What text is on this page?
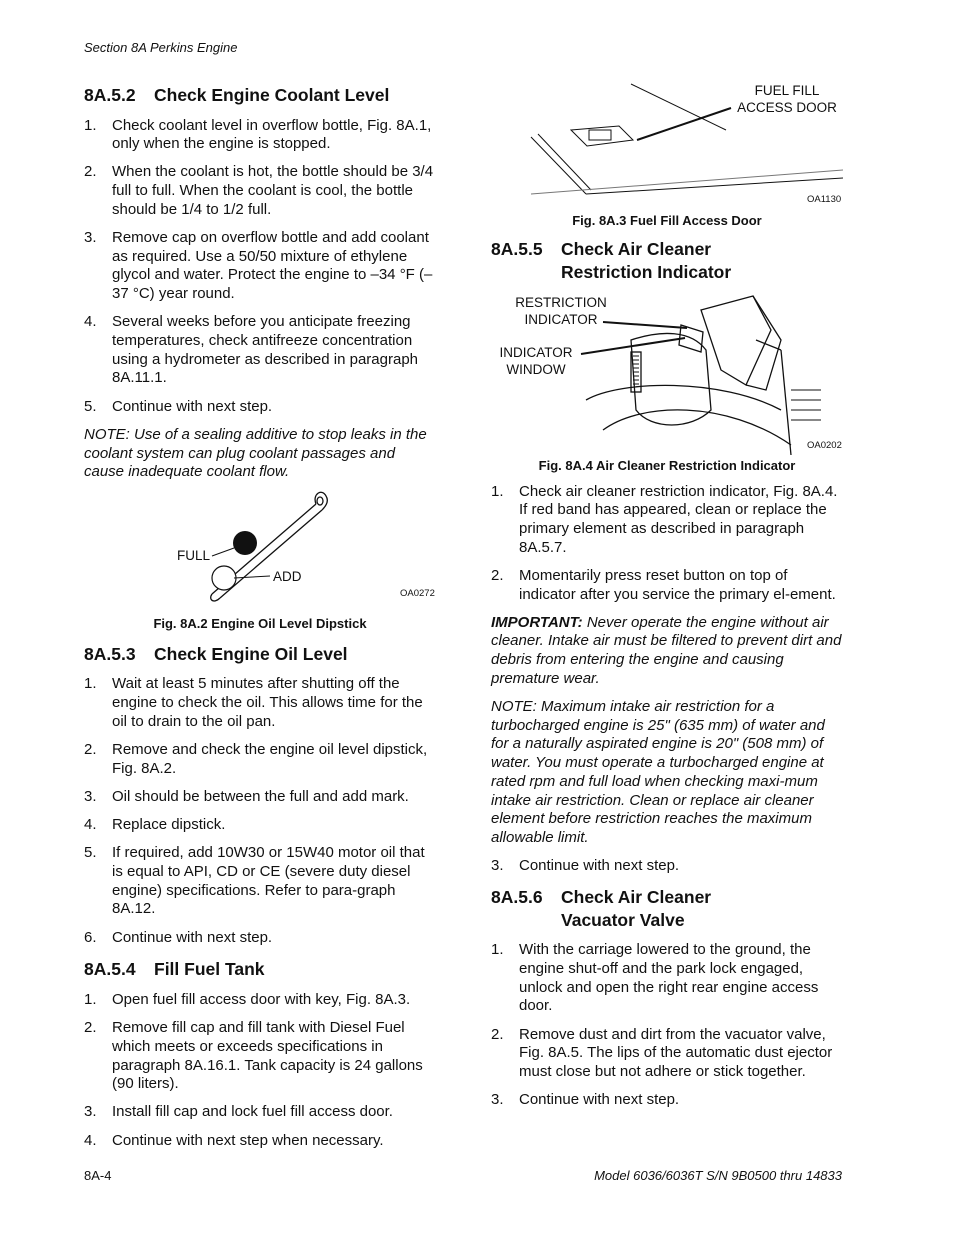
Section 8A Perkins Engine
8A.5.2 Check Engine Coolant Level
1. Check coolant level in overflow bottle, Fig. 8A.1, only when the engine is stopped.
2. When the coolant is hot, the bottle should be 3/4 full to full. When the coolant is cool, the bottle should be 1/4 to 1/2 full.
3. Remove cap on overflow bottle and add coolant as required. Use a 50/50 mixture of ethylene glycol and water. Protect the engine to –34 °F (–37 °C) year round.
4. Several weeks before you anticipate freezing temperatures, check antifreeze concentration using a hydrometer as described in paragraph 8A.11.1.
5. Continue with next step.
NOTE: Use of a sealing additive to stop leaks in the coolant system can plug coolant passages and cause inadequate coolant flow.
FULL
ADD
OA0272
Fig. 8A.2 Engine Oil Level Dipstick
8A.5.3 Check Engine Oil Level
1. Wait at least 5 minutes after shutting off the engine to check the oil. This allows time for the oil to drain to the oil pan.
2. Remove and check the engine oil level dipstick, Fig. 8A.2.
3. Oil should be between the full and add mark.
4. Replace dipstick.
5. If required, add 10W30 or 15W40 motor oil that is equal to API, CD or CE (severe duty diesel engine) specifications. Refer to para-graph 8A.12.
6. Continue with next step.
8A.5.4 Fill Fuel Tank
1. Open fuel fill access door with key, Fig. 8A.3.
2. Remove fill cap and fill tank with Diesel Fuel which meets or exceeds specifications in paragraph 8A.16.1. Tank capacity is 24 gallons (90 liters).
3. Install fill cap and lock fuel fill access door.
4. Continue with next step when necessary.
FUEL FILL
ACCESS DOOR
OA1130
Fig. 8A.3 Fuel Fill Access Door
8A.5.5 Check Air Cleaner
Restriction Indicator
RESTRICTION
INDICATOR
INDICATOR
WINDOW
OA0202
Fig. 8A.4 Air Cleaner Restriction Indicator
1. Check air cleaner restriction indicator, Fig. 8A.4. If red band has appeared, clean or replace the primary element as described in paragraph 8A.5.7.
2. Momentarily press reset button on top of indicator after you service the primary el-ement.
IMPORTANT: Never operate the engine without air cleaner. Intake air must be filtered to prevent dirt and debris from entering the engine and causing premature wear.
NOTE: Maximum intake air restriction for a turbocharged engine is 25" (635 mm) of water and for a naturally aspirated engine is 20" (508 mm) of water. You must operate a turbocharged engine at rated rpm and full load when checking maxi-mum intake air restriction. Clean or replace air cleaner element before restriction reaches the maximum allowable limit.
3. Continue with next step.
8A.5.6 Check Air Cleaner
Vacuator Valve
1. With the carriage lowered to the ground, the engine shut-off and the park lock engaged, unlock and open the right rear engine access door.
2. Remove dust and dirt from the vacuator valve, Fig. 8A.5. The lips of the automatic dust ejector must close but not adhere or stick together.
3. Continue with next step.
8A-4	Model 6036/6036T S/N 9B0500 thru 14833
